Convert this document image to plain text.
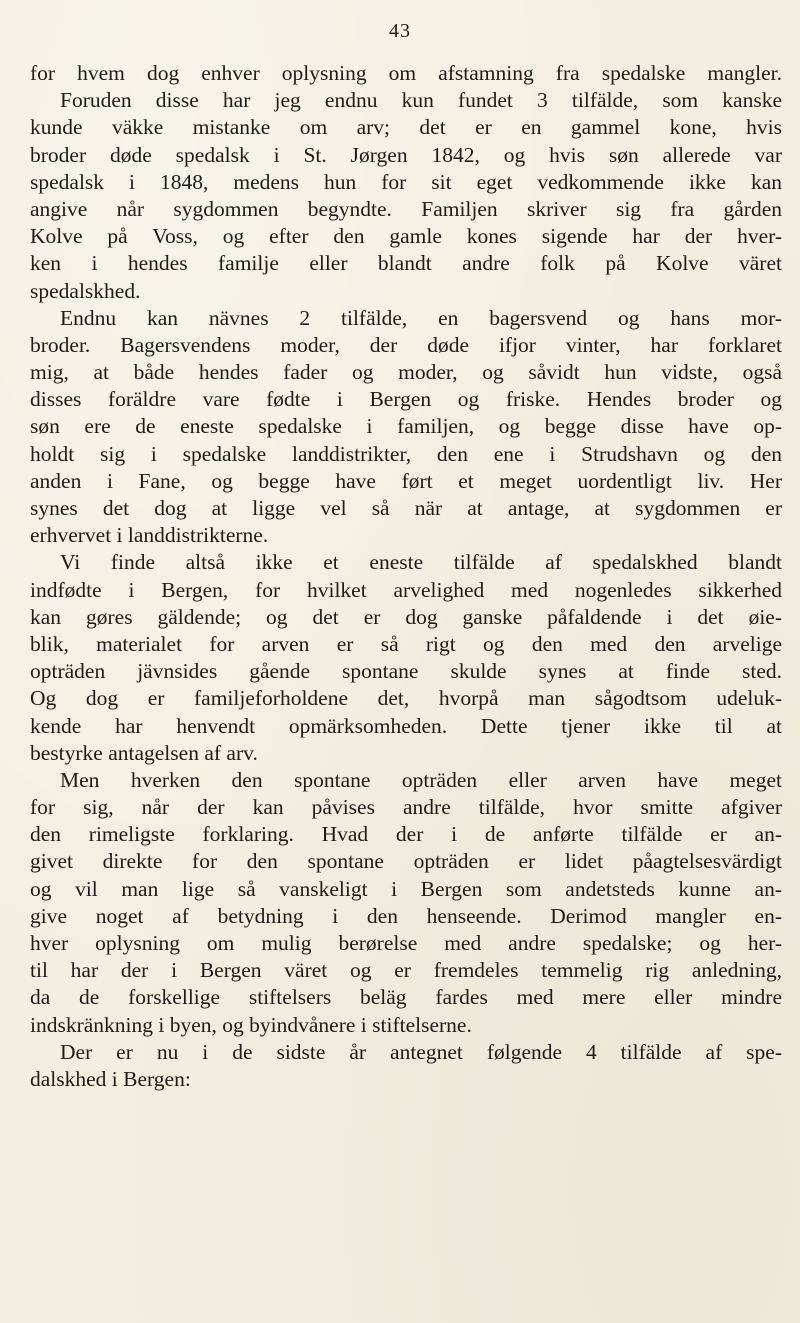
43
for hvem dog enhver oplysning om afstamning fra spedalske mangler.
Foruden disse har jeg endnu kun fundet 3 tilfälde, som kanske
kunde väkke mistanke om arv; det er en gammel kone, hvis
broder døde spedalsk i St. Jørgen 1842, og hvis søn allerede var
spedalsk i 1848, medens hun for sit eget vedkommende ikke kan
angive når sygdommen begyndte. Familjen skriver sig fra gården
Kolve på Voss, og efter den gamle kones sigende har der hver-
ken i hendes familje eller blandt andre folk på Kolve väret
spedalskhed.
Endnu kan nävnes 2 tilfälde, en bagersvend og hans mor-
broder. Bagersvendens moder, der døde ifjor vinter, har forklaret
mig, at både hendes fader og moder, og såvidt hun vidste, også
disses foräldre vare fødte i Bergen og friske. Hendes broder og
søn ere de eneste spedalske i familjen, og begge disse have op-
holdt sig i spedalske landdistrikter, den ene i Strudshavn og den
anden i Fane, og begge have ført et meget uordentligt liv. Her
synes det dog at ligge vel så när at antage, at sygdommen er
erhvervet i landdistrikterne.
Vi finde altså ikke et eneste tilfälde af spedalskhed blandt
indfødte i Bergen, for hvilket arvelighed med nogenledes sikkerhed
kan gøres gäldende; og det er dog ganske påfaldende i det øie-
blik, materialet for arven er så rigt og den med den arvelige
opträden jävnsides gående spontane skulde synes at finde sted.
Og dog er familjeforholdene det, hvorpå man sågodtsom udeluk-
kende har henvendt opmärksomheden. Dette tjener ikke til at
bestyrke antagelsen af arv.
Men hverken den spontane opträden eller arven have meget
for sig, når der kan påvises andre tilfälde, hvor smitte afgiver
den rimeligste forklaring. Hvad der i de anførte tilfälde er an-
givet direkte for den spontane opträden er lidet påagtelsesvärdigt
og vil man lige så vanskeligt i Bergen som andetsteds kunne an-
give noget af betydning i den henseende. Derimod mangler en-
hver oplysning om mulig berørelse med andre spedalske; og her-
til har der i Bergen väret og er fremdeles temmelig rig anledning,
da de forskellige stiftelsers beläg fardes med mere eller mindre
indskränkning i byen, og byindvånere i stiftelserne.
Der er nu i de sidste år antegnet følgende 4 tilfälde af spe-
dalskhed i Bergen:
